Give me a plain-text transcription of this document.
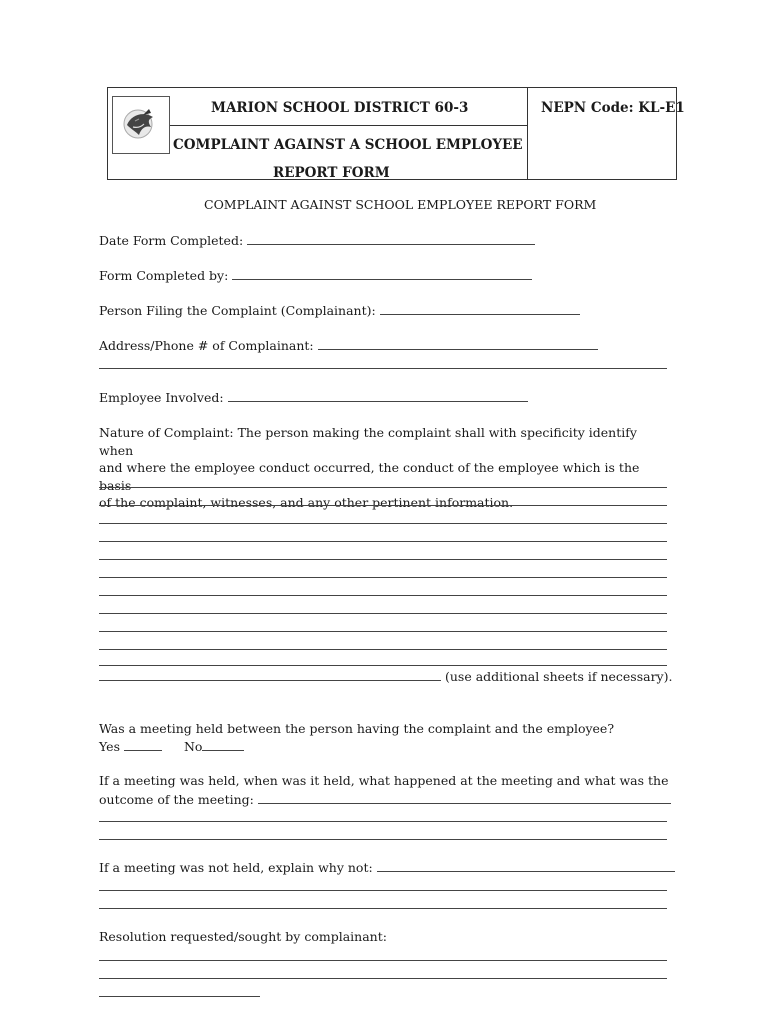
MARION SCHOOL DISTRICT 60-3	NEPN Code: KL-E1
COMPLAINT AGAINST A SCHOOL EMPLOYEE
REPORT FORM
COMPLAINT AGAINST SCHOOL EMPLOYEE REPORT FORM
Date Form Completed:
Form Completed by:
Person Filing the Complaint (Complainant):
Address/Phone # of Complainant:
Employee Involved:
Nature of Complaint: The person making the complaint shall with specificity identify when
and where the employee conduct occurred, the conduct of the employee which is the basis
of the complaint, witnesses, and any other pertinent information.
(use additional sheets if necessary).
Was a meeting held between the person having the complaint and the employee?
Yes	No
If a meeting was held, when was it held, what happened at the meeting and what was the
outcome of the meeting:
If a meeting was not held, explain why not:
Resolution requested/sought by complainant:
